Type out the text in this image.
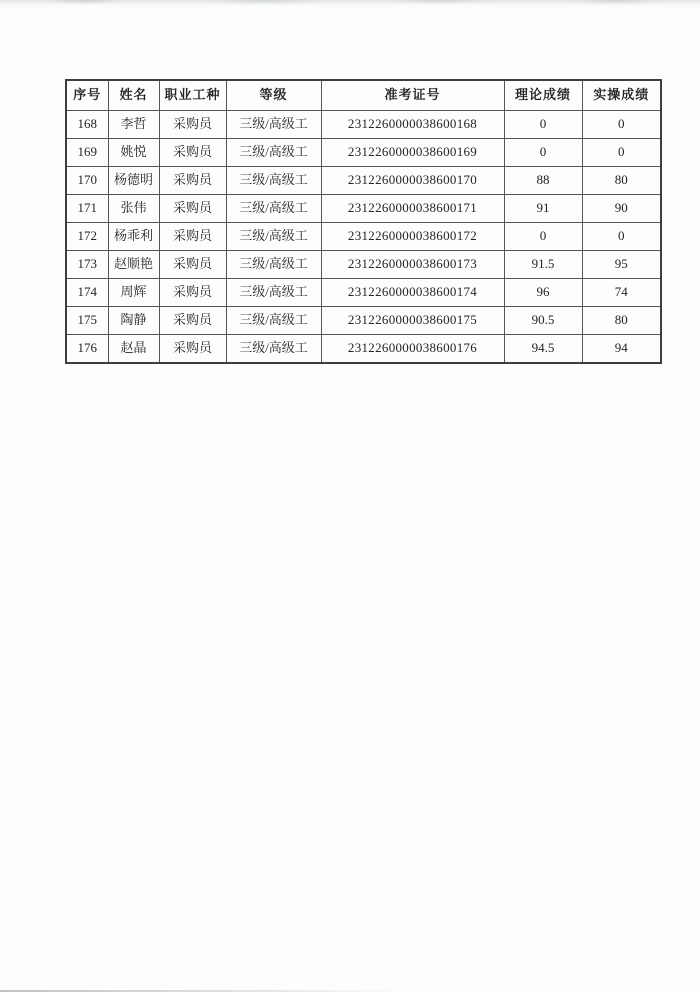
序号	姓名	职业工种	等级	准考证号	理论成绩	实操成绩
168	李哲	采购员	三级/高级工	2312260000038600168	0	0
169	姚悦	采购员	三级/高级工	2312260000038600169	0	0
170	杨德明	采购员	三级/高级工	2312260000038600170	88	80
171	张伟	采购员	三级/高级工	2312260000038600171	91	90
172	杨乖利	采购员	三级/高级工	2312260000038600172	0	0
173	赵顺艳	采购员	三级/高级工	2312260000038600173	91.5	95
174	周辉	采购员	三级/高级工	2312260000038600174	96	74
175	陶静	采购员	三级/高级工	2312260000038600175	90.5	80
176	赵晶	采购员	三级/高级工	2312260000038600176	94.5	94
